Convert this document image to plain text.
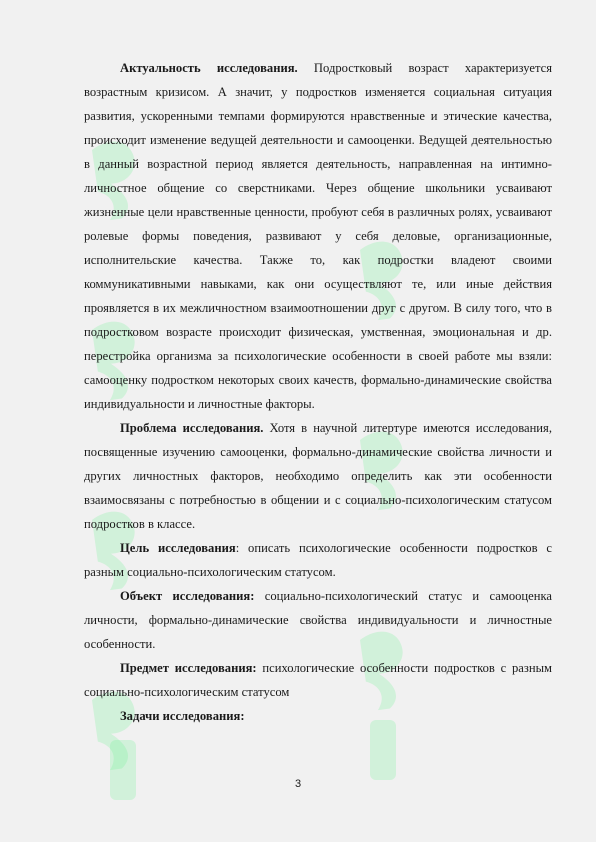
Актуальность исследования. Подростковый возраст характеризуется возрастным кризисом. А значит, у подростков изменяется социальная ситуация развития, ускоренными темпами формируются нравственные и этические качества, происходит изменение ведущей деятельности и самооценки. Ведущей деятельностью в данный возрастной период является деятельность, направленная на интимно-личностное общение со сверстниками. Через общение школьники усваивают жизненные цели нравственные ценности, пробуют себя в различных ролях, усваивают ролевые формы поведения, развивают у себя деловые, организационные, исполнительские качества. Также то, как подростки владеют своими коммуникативными навыками, как они осуществляют те, или иные действия проявляется в их межличностном взаимоотношении друг с другом. В силу того, что в подростковом возрасте происходит физическая, умственная, эмоциональная и др. перестройка организма за психологические особенности в своей работе мы взяли: самооценку подростком некоторых своих качеств, формально-динамические свойства индивидуальности и личностные факторы.

Проблема исследования. Хотя в научной литертуре имеются исследования, посвященные изучению самооценки, формально-динамические свойства личности и других личностных факторов, необходимо определить как эти особенности взаимосвязаны с потребностью в общении и с социально-психологическим статусом подростков в классе.

Цель исследования: описать психологические особенности подростков с разным социально-психологическим статусом.

Объект исследования: социально-психологический статус и самооценка личности, формально-динамические свойства индивидуальности и личностные особенности.

Предмет исследования: психологические особенности подростков с разным социально-психологическим статусом

Задачи исследования:

3
